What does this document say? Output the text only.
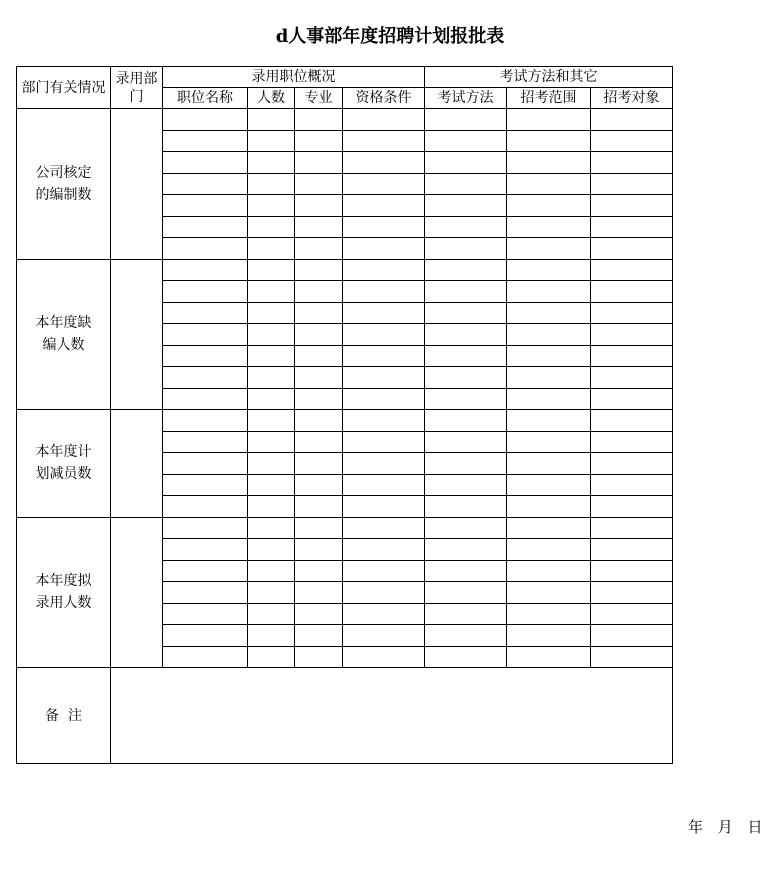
d人事部年度招聘计划报批表
部门有关情况	录用部门	录用职位概况				考试方法和其它		
		职位名称	人数	专业	资格条件	考试方法	招考范围	招考对象
公司核定的编制数								

本年度缺编人数								

本年度计划减员数								

本年度拟录用人数								

备  注								
年 月 日
